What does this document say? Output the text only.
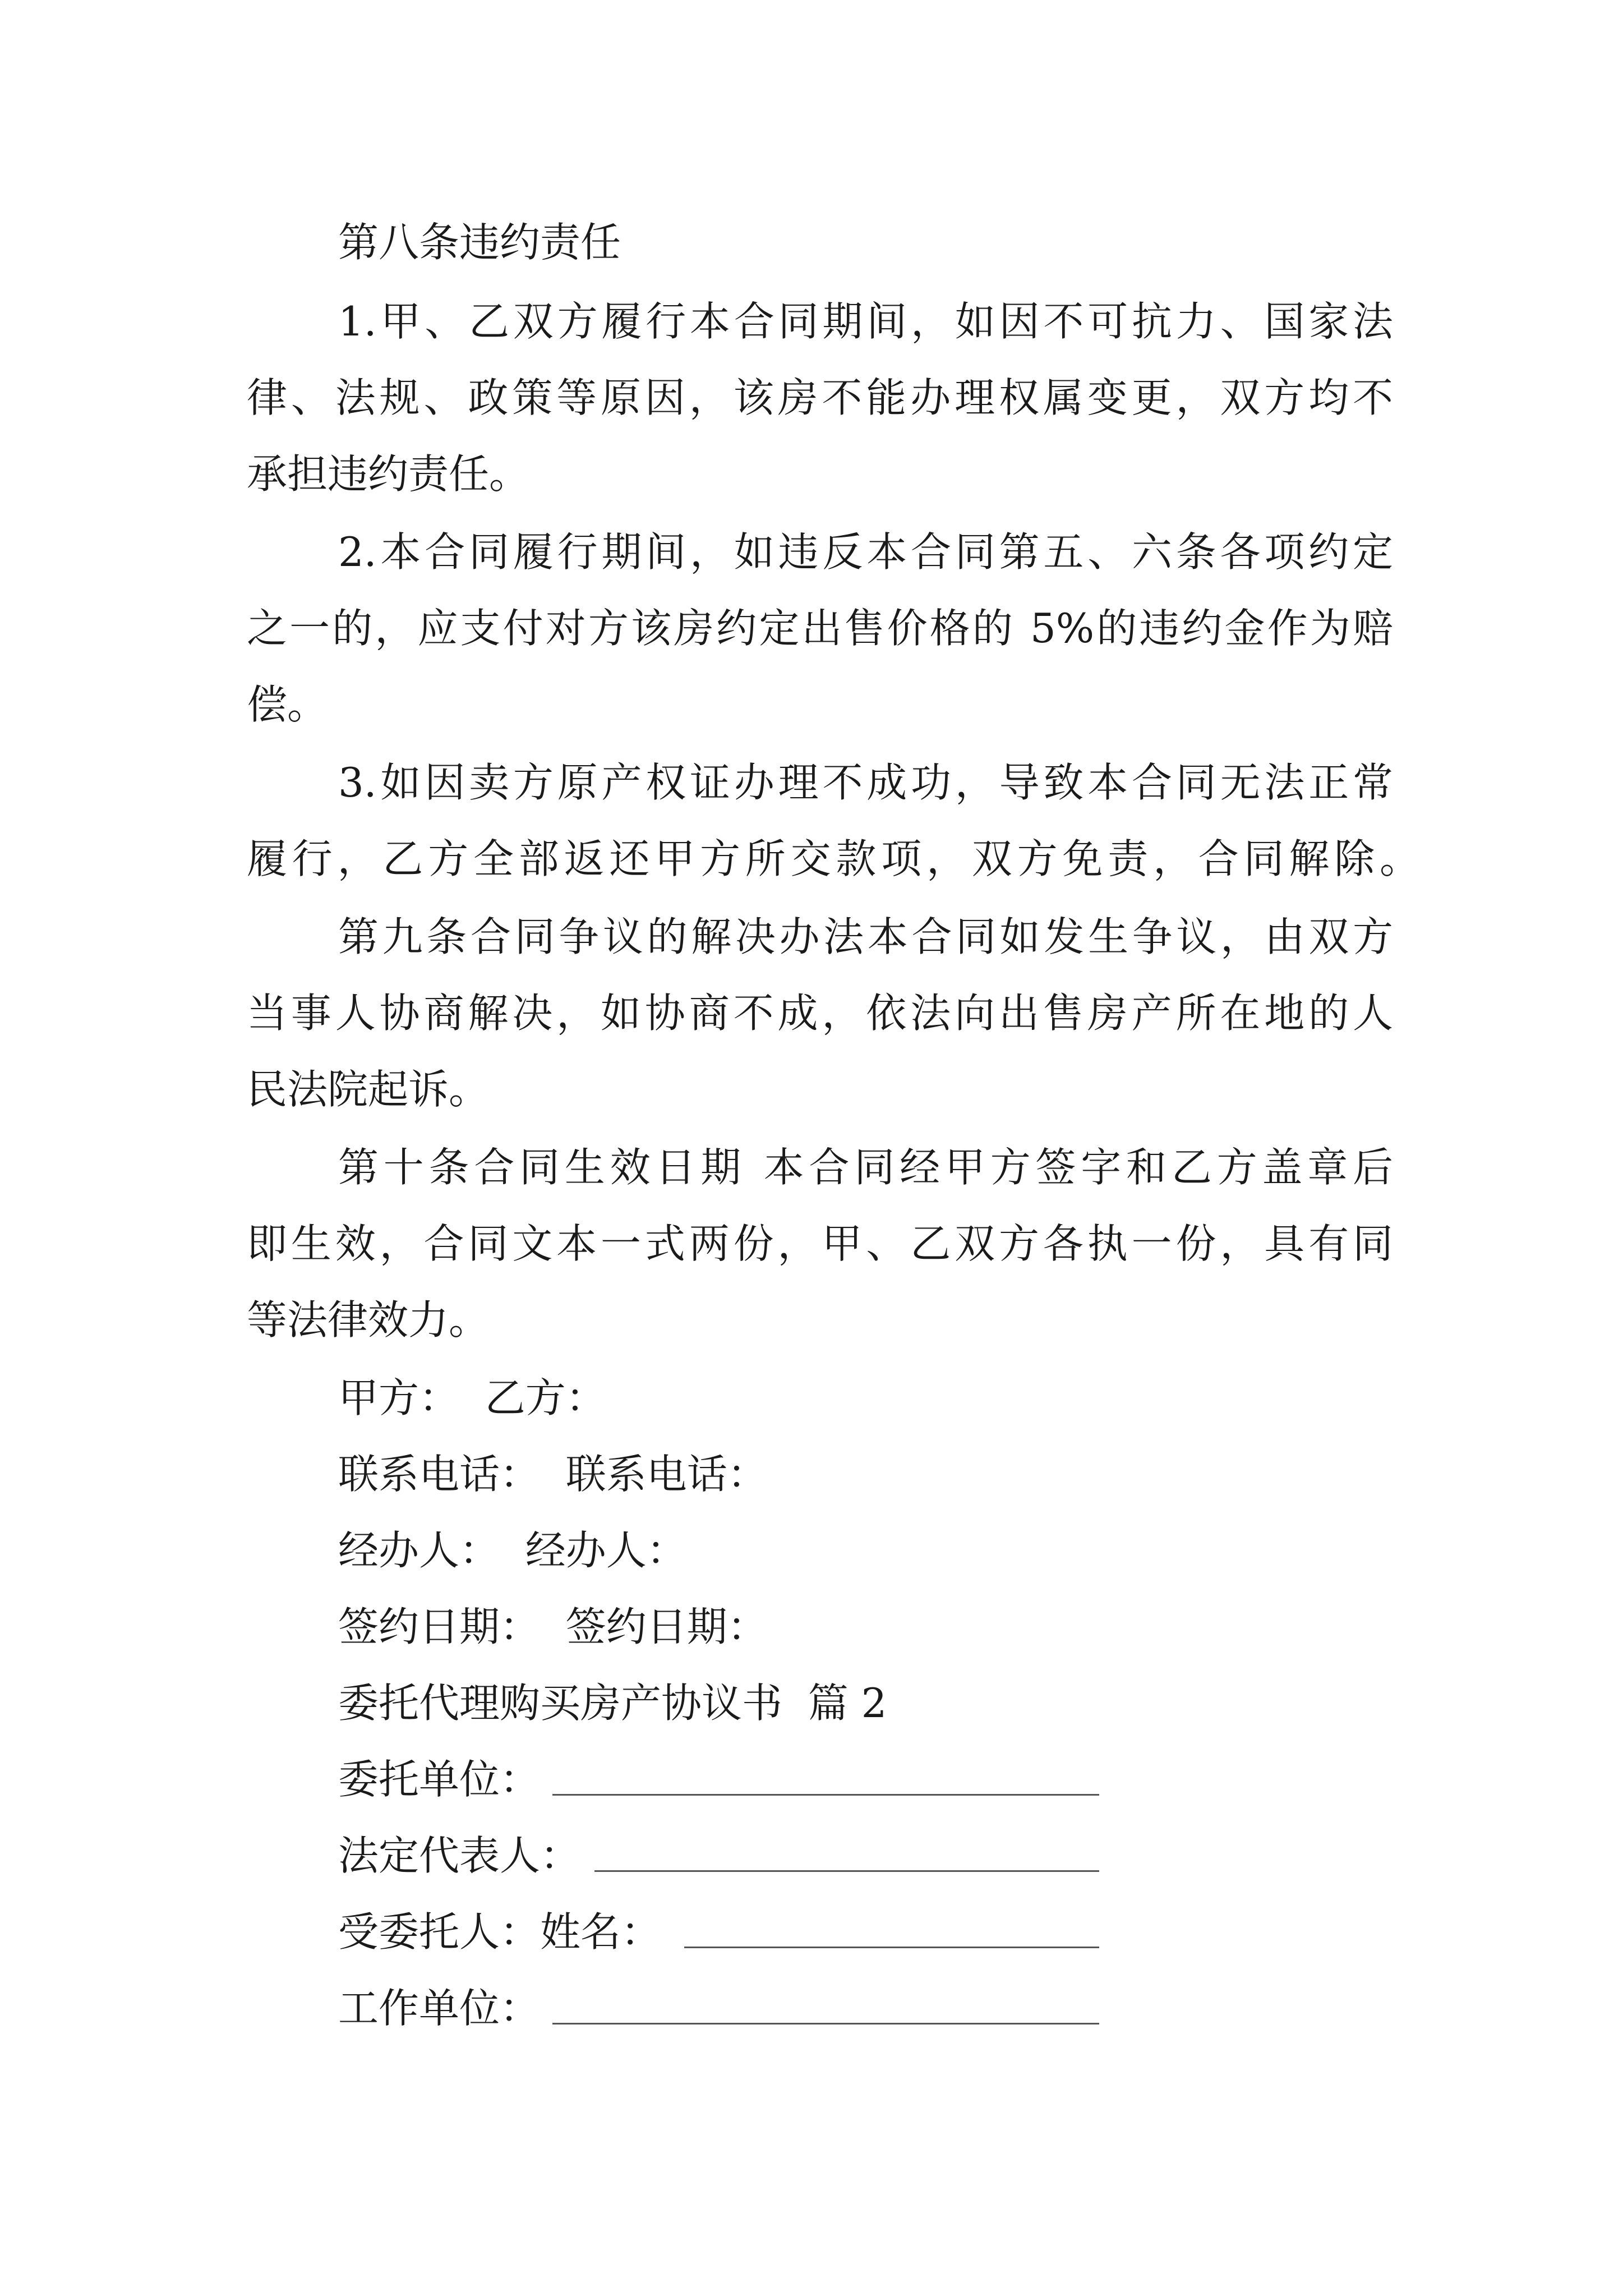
第八条违约责任
1.甲、乙双方履行本合同期间，如因不可抗力、国家法
律、法规、政策等原因，该房不能办理权属变更，双方均不
承担违约责任。
2.本合同履行期间，如违反本合同第五、六条各项约定
之一的，应支付对方该房约定出售价格的 5%的违约金作为赔
偿。
3.如因卖方原产权证办理不成功，导致本合同无法正常
履行，乙方全部返还甲方所交款项，双方免责，合同解除。
第九条合同争议的解决办法本合同如发生争议，由双方
当事人协商解决，如协商不成，依法向出售房产所在地的人
民法院起诉。
第十条合同生效日期 本合同经甲方签字和乙方盖章后
即生效，合同文本一式两份，甲、乙双方各执一份，具有同
等法律效力。
甲方：  乙方：
联系电话：  联系电话：
经办人：  经办人：
签约日期：  签约日期：
委托代理购买房产协议书  篇 2
委托单位：
法定代表人：
受委托人：姓名：
工作单位：
